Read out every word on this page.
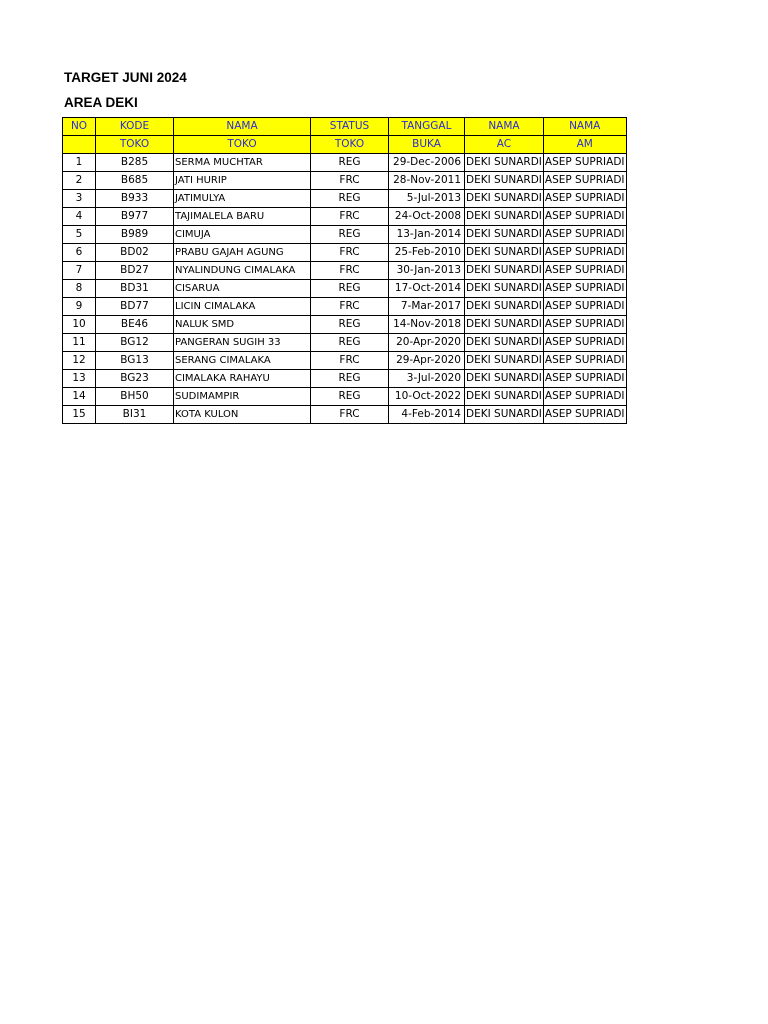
TARGET JUNI 2024
AREA DEKI
NO	KODE	NAMA	STATUS	TANGGAL	NAMA	NAMA
	TOKO	TOKO	TOKO	BUKA	AC	AM
1	B285	SERMA MUCHTAR	REG	29-Dec-2006	DEKI SUNARDI	ASEP SUPRIADI
2	B685	JATI HURIP	FRC	28-Nov-2011	DEKI SUNARDI	ASEP SUPRIADI
3	B933	JATIMULYA	REG	5-Jul-2013	DEKI SUNARDI	ASEP SUPRIADI
4	B977	TAJIMALELA BARU	FRC	24-Oct-2008	DEKI SUNARDI	ASEP SUPRIADI
5	B989	CIMUJA	REG	13-Jan-2014	DEKI SUNARDI	ASEP SUPRIADI
6	BD02	PRABU GAJAH AGUNG	FRC	25-Feb-2010	DEKI SUNARDI	ASEP SUPRIADI
7	BD27	NYALINDUNG CIMALAKA	FRC	30-Jan-2013	DEKI SUNARDI	ASEP SUPRIADI
8	BD31	CISARUA	REG	17-Oct-2014	DEKI SUNARDI	ASEP SUPRIADI
9	BD77	LICIN CIMALAKA	FRC	7-Mar-2017	DEKI SUNARDI	ASEP SUPRIADI
10	BE46	NALUK SMD	REG	14-Nov-2018	DEKI SUNARDI	ASEP SUPRIADI
11	BG12	PANGERAN SUGIH 33	REG	20-Apr-2020	DEKI SUNARDI	ASEP SUPRIADI
12	BG13	SERANG CIMALAKA	FRC	29-Apr-2020	DEKI SUNARDI	ASEP SUPRIADI
13	BG23	CIMALAKA RAHAYU	REG	3-Jul-2020	DEKI SUNARDI	ASEP SUPRIADI
14	BH50	SUDIMAMPIR	REG	10-Oct-2022	DEKI SUNARDI	ASEP SUPRIADI
15	BI31	KOTA KULON	FRC	4-Feb-2014	DEKI SUNARDI	ASEP SUPRIADI
